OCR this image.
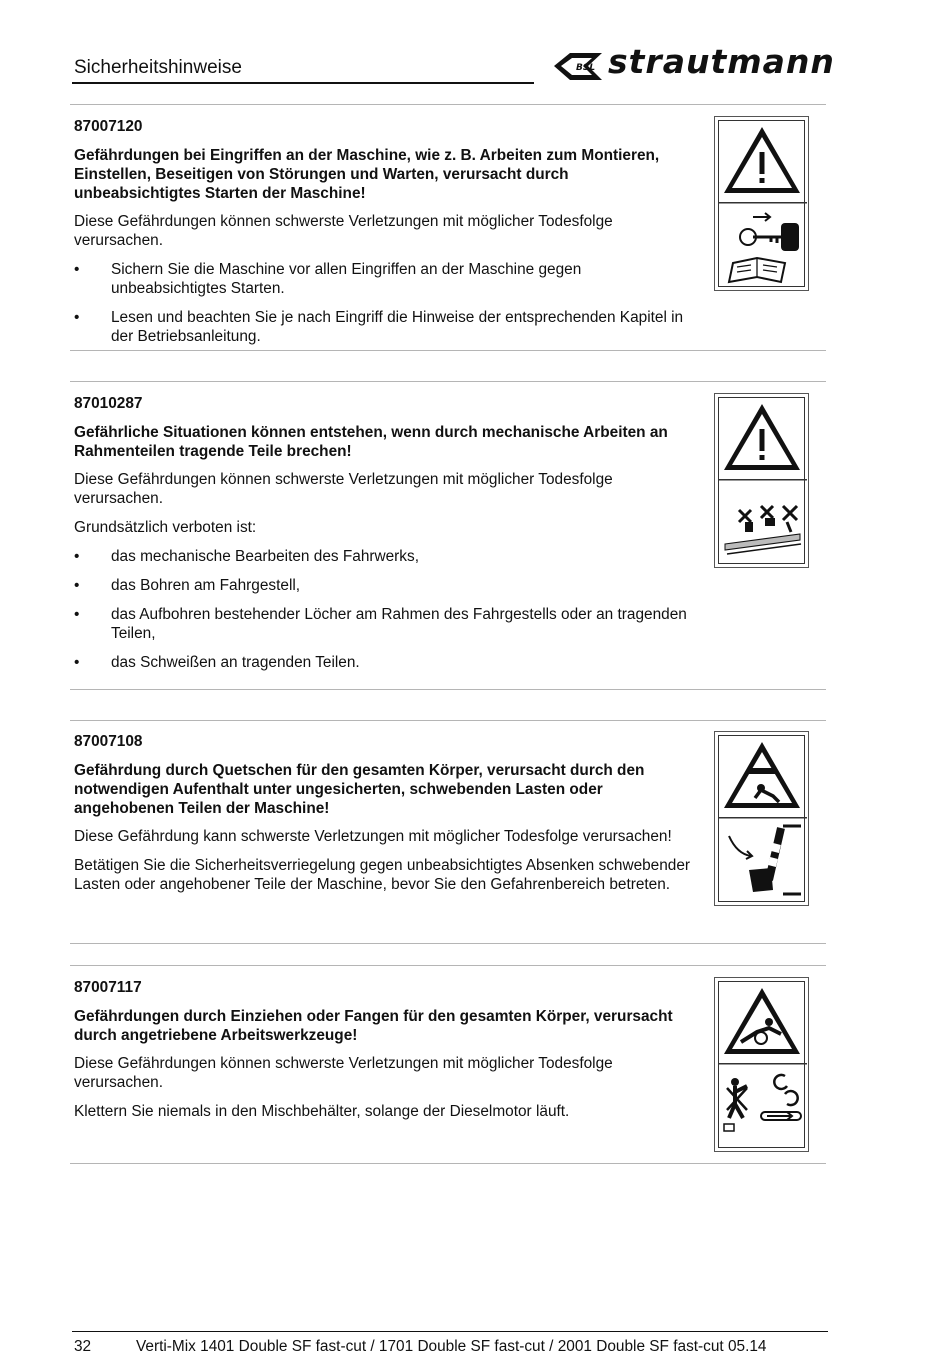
Sicherheitshinweise	BSL strautmann
87007120
Gefährdungen bei Eingriffen an der Maschine, wie z. B. Arbeiten zum Montieren, Einstellen, Beseitigen von Störungen und Warten, verursacht durch unbeabsichtigtes Starten der Maschine!

Diese Gefährdungen können schwerste Verletzungen mit möglicher Todesfolge verursachen.

• Sichern Sie die Maschine vor allen Eingriffen an der Maschine gegen unbeabsichtigtes Starten.
• Lesen und beachten Sie je nach Eingriff die Hinweise der entsprechenden Kapitel in der Betriebsanleitung.
87010287
Gefährliche Situationen können entstehen, wenn durch mechanische Arbeiten an Rahmenteilen tragende Teile brechen!

Diese Gefährdungen können schwerste Verletzungen mit möglicher Todesfolge verursachen.

Grundsätzlich verboten ist:

• das mechanische Bearbeiten des Fahrwerks,
• das Bohren am Fahrgestell,
• das Aufbohren bestehender Löcher am Rahmen des Fahrgestells oder an tragenden Teilen,
• das Schweißen an tragenden Teilen.
87007108
Gefährdung durch Quetschen für den gesamten Körper, verursacht durch den notwendigen Aufenthalt unter ungesicherten, schwebenden Lasten oder angehobenen Teilen der Maschine!

Diese Gefährdung kann schwerste Verletzungen mit möglicher Todesfolge verursachen!

Betätigen Sie die Sicherheitsverriegelung gegen unbeabsichtigtes Absenken schwebender Lasten oder angehobener Teile der Maschine, bevor Sie den Gefahrenbereich betreten.

87007117
Gefährdungen durch Einziehen oder Fangen für den gesamten Körper, verursacht durch angetriebene Arbeitswerkzeuge!

Diese Gefährdungen können schwerste Verletzungen mit möglicher Todesfolge verursachen.

Klettern Sie niemals in den Mischbehälter, solange der Dieselmotor läuft.

32	Verti-Mix 1401 Double SF fast-cut / 1701 Double SF fast-cut / 2001 Double SF fast-cut 05.14
